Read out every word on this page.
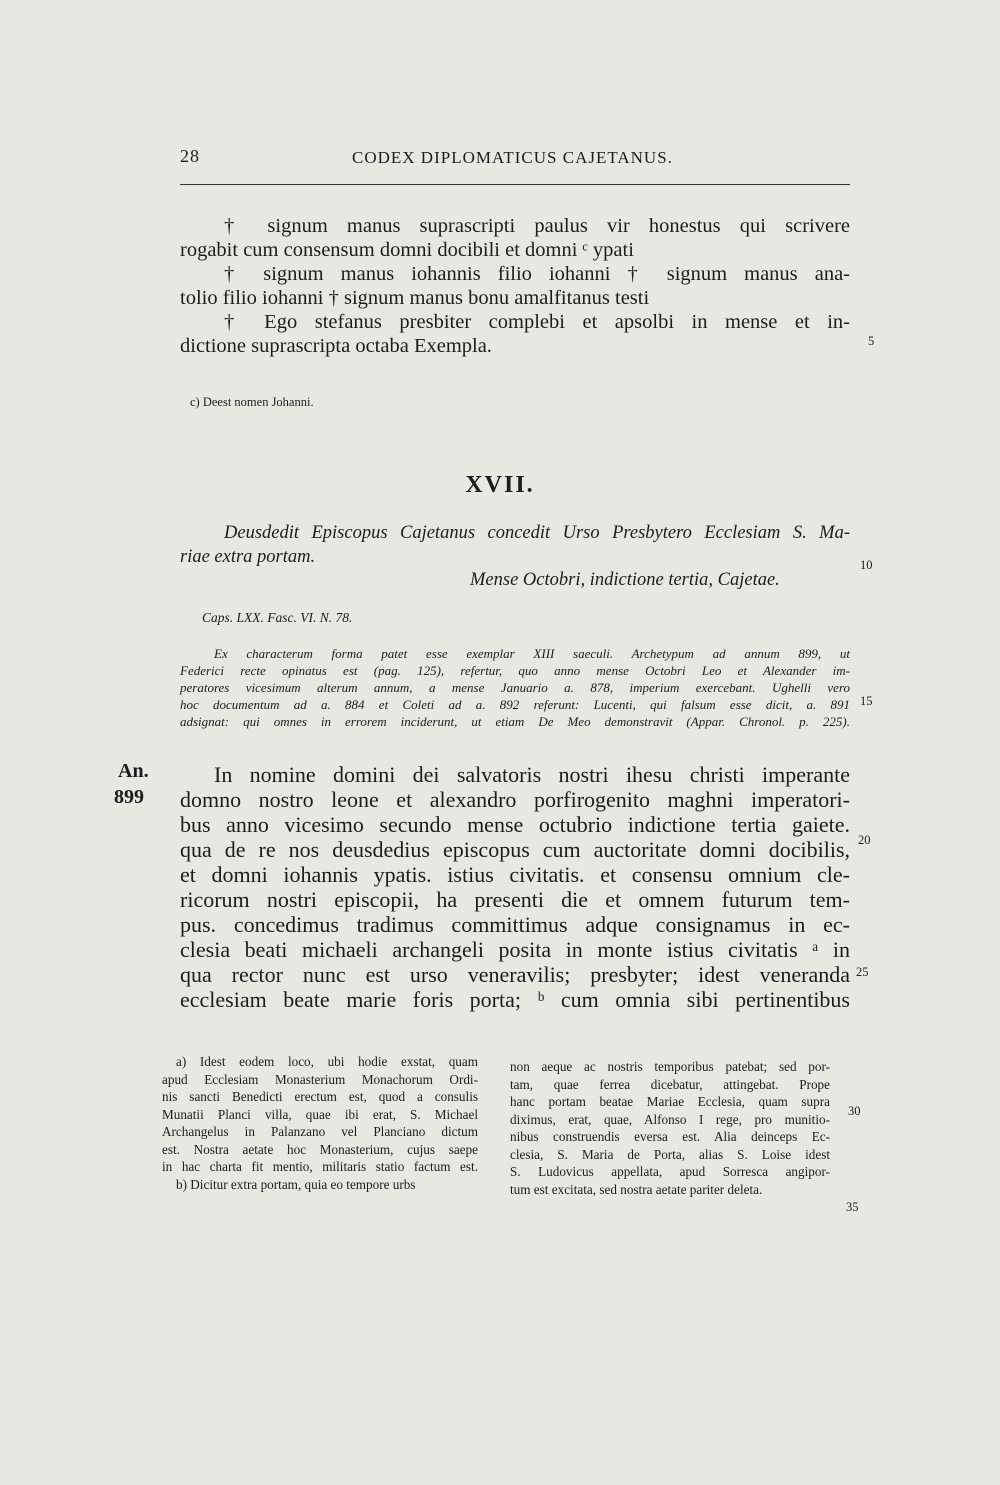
28	CODEX DIPLOMATICUS CAJETANUS.
† signum manus suprascripti paulus vir honestus qui scrivere
rogabit cum consensum domni docibili et domni ᶜ ypati
† signum manus iohannis filio iohanni † signum manus ana-
tolio filio iohanni † signum manus bonu amalfitanus testi
† Ego stefanus presbiter complebi et apsolbi in mense et in-
dictione suprascripta octaba Exempla.
c) Deest nomen Johanni.
XVII.
Deusdedit Episcopus Cajetanus concedit Urso Presbytero Ecclesiam S. Ma-
riae extra portam.
Mense Octobri, indictione tertia, Cajetae.
Caps. LXX. Fasc. VI. N. 78.
Ex characterum forma patet esse exemplar XIII saeculi. Archetypum ad annum 899, ut
Federici recte opinatus est (pag. 125), refertur, quo anno mense Octobri Leo et Alexander im-
peratores vicesimum alterum annum, a mense Januario a. 878, imperium exercebant. Ughelli vero
hoc documentum ad a. 884 et Coleti ad a. 892 referunt: Lucenti, qui falsum esse dicit, a. 891
adsignat: qui omnes in errorem inciderunt, ut etiam De Meo demonstravit (Appar. Chronol. p. 225).
An.
899
In nomine domini dei salvatoris nostri ihesu christi imperante
domno nostro leone et alexandro porfirogenito maghni imperatori-
bus anno vicesimo secundo mense octubrio indictione tertia gaiete.
qua de re nos deusdedius episcopus cum auctoritate domni docibilis,
et domni iohannis ypatis. istius civitatis. et consensu omnium cle-
ricorum nostri episcopii, ha presenti die et omnem futurum tem-
pus. concedimus tradimus committimus adque consignamus in ec-
clesia beati michaeli archangeli posita in monte istius civitatis ᵃ in
qua rector nunc est urso veneravilis; presbyter; idest veneranda
ecclesiam beate marie foris porta; ᵇ cum omnia sibi pertinentibus
a) Idest eodem loco, ubi hodie exstat, quam
apud Ecclesiam Monasterium Monachorum Ordi-
nis sancti Benedicti erectum est, quod a consulis
Munatii Planci villa, quae ibi erat, S. Michael
Archangelus in Palanzano vel Planciano dictum
est. Nostra aetate hoc Monasterium, cujus saepe
in hac charta fit mentio, militaris statio factum est.
b) Dicitur extra portam, quia eo tempore urbs
non aeque ac nostris temporibus patebat; sed por-
tam, quae ferrea dicebatur, attingebat. Prope
hanc portam beatae Mariae Ecclesia, quam supra
diximus, erat, quae, Alfonso I rege, pro munitio-
nibus construendis eversa est. Alia deinceps Ec-
clesia, S. Maria de Porta, alias S. Loise idest
S. Ludovicus appellata, apud Sorresca angipor-
tum est excitata, sed nostra aetate pariter deleta.
5
10
15
20
25
30
35
